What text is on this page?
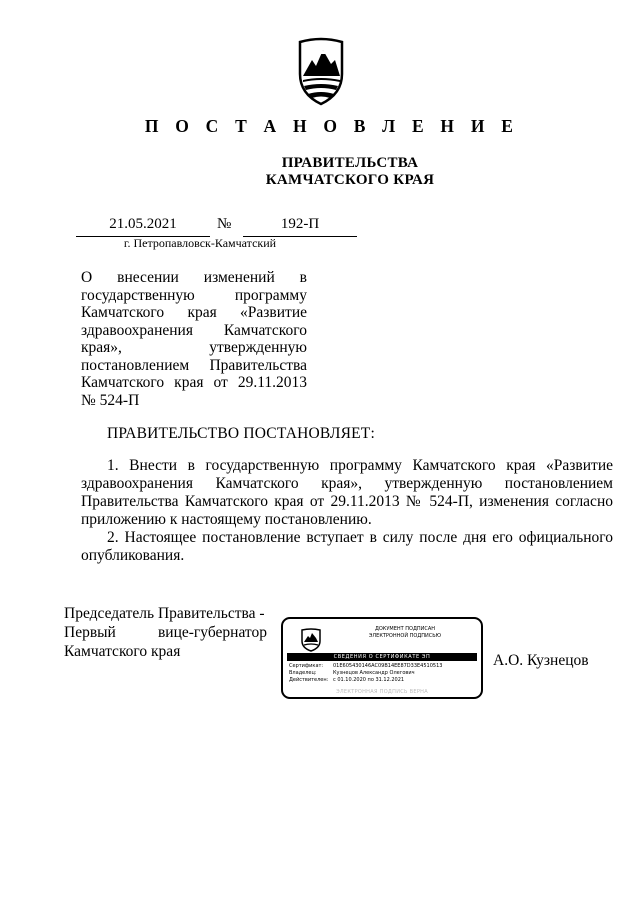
П О С Т А Н О В Л Е Н И Е
ПРАВИТЕЛЬСТВА
КАМЧАТСКОГО КРАЯ
21.05.2021	№	192-П
г. Петропавловск-Камчатский
О внесении изменений в государственную программу Камчатского края «Развитие здравоохранения Камчатского края», утвержденную постановлением Правительства Камчатского края от 29.11.2013 № 524-П
ПРАВИТЕЛЬСТВО ПОСТАНОВЛЯЕТ:

1. Внести в государственную программу Камчатского края «Развитие здравоохранения Камчатского края», утвержденную постановлением Правительства Камчатского края от 29.11.2013 № 524-П, изменения согласно приложению к настоящему постановлению.

2. Настоящее постановление вступает в силу после дня его официального опубликования.

Председатель Правительства -
Первый	вице-губернатор
Камчатского края
ДОКУМЕНТ ПОДПИСАН
ЭЛЕКТРОННОЙ ПОДПИСЬЮ
СВЕДЕНИЯ О СЕРТИФИКАТЕ ЭП
Сертификат:	01E605430146AC09B14EE87D33E4510513
Владелец:	Кузнецов Александр Олегович
Действителен: с 01.10.2020 по 31.12.2021
ЭЛЕКТРОННАЯ ПОДПИСЬ ВЕРНА
А.О. Кузнецов
